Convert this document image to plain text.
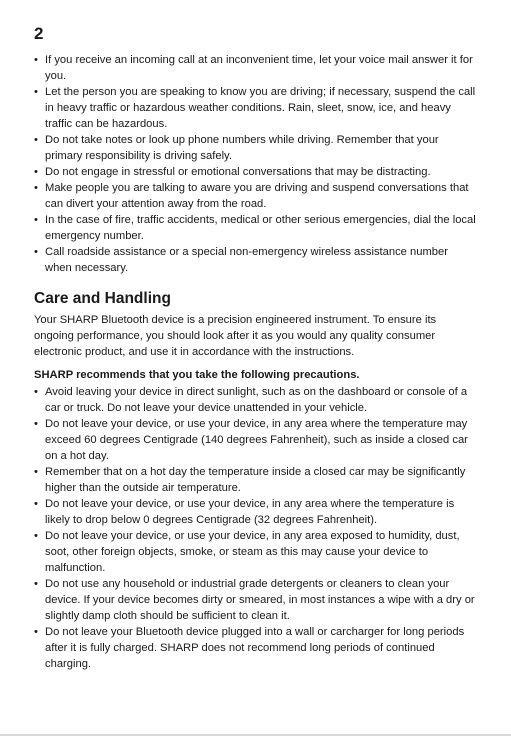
2
• If you receive an incoming call at an inconvenient time, let your voice mail answer it for you.
• Let the person you are speaking to know you are driving; if necessary, suspend the call in heavy traffic or hazardous weather conditions. Rain, sleet, snow, ice, and heavy traffic can be hazardous.
• Do not take notes or look up phone numbers while driving. Remember that your primary responsibility is driving safely.
• Do not engage in stressful or emotional conversations that may be distracting.
• Make people you are talking to aware you are driving and suspend conversations that can divert your attention away from the road.
• In the case of fire, traffic accidents, medical or other serious emergencies, dial the local emergency number.
• Call roadside assistance or a special non-emergency wireless assistance number when necessary.
Care and Handling

Your SHARP Bluetooth device is a precision engineered instrument. To ensure its ongoing performance, you should look after it as you would any quality consumer electronic product, and use it in accordance with the instructions.

SHARP recommends that you take the following precautions.
• Avoid leaving your device in direct sunlight, such as on the dashboard or console of a car or truck. Do not leave your device unattended in your vehicle.
• Do not leave your device, or use your device, in any area where the temperature may exceed 60 degrees Centigrade (140 degrees Fahrenheit), such as inside a closed car on a hot day.
• Remember that on a hot day the temperature inside a closed car may be significantly higher than the outside air temperature.
• Do not leave your device, or use your device, in any area where the temperature is likely to drop below 0 degrees Centigrade (32 degrees Fahrenheit).
• Do not leave your device, or use your device, in any area exposed to humidity, dust, soot, other foreign objects, smoke, or steam as this may cause your device to malfunction.
• Do not use any household or industrial grade detergents or cleaners to clean your device. If your device becomes dirty or smeared, in most instances a wipe with a dry or slightly damp cloth should be sufficient to clean it.
• Do not leave your Bluetooth device plugged into a wall or carcharger for long periods after it is fully charged. SHARP does not recommend long periods of continued charging.
